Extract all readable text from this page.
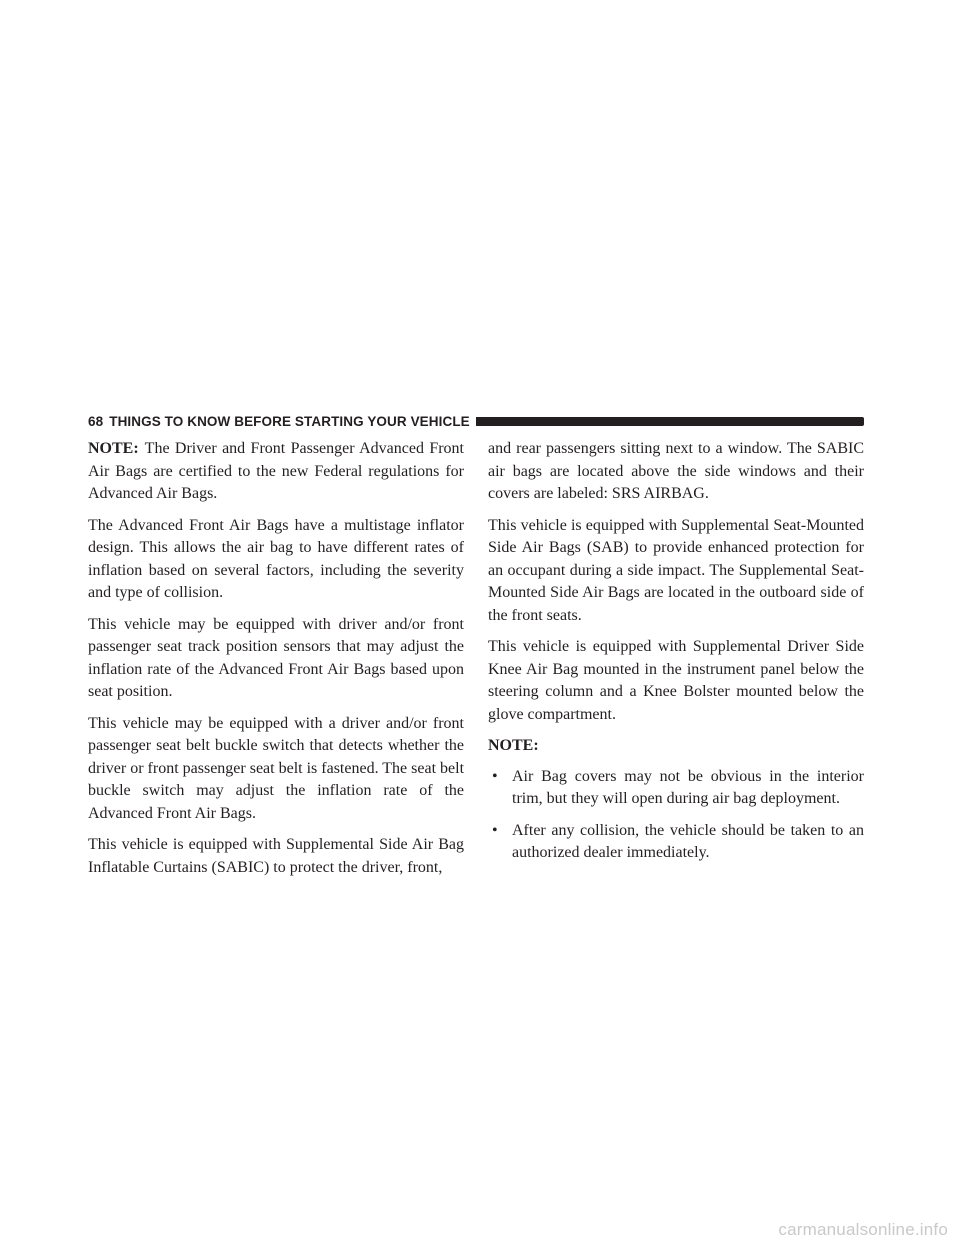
68 THINGS TO KNOW BEFORE STARTING YOUR VEHICLE

NOTE: The Driver and Front Passenger Advanced Front Air Bags are certified to the new Federal regulations for Advanced Air Bags.

The Advanced Front Air Bags have a multistage inflator design. This allows the air bag to have different rates of inflation based on several factors, including the severity and type of collision.

This vehicle may be equipped with driver and/or front passenger seat track position sensors that may adjust the inflation rate of the Advanced Front Air Bags based upon seat position.

This vehicle may be equipped with a driver and/or front passenger seat belt buckle switch that detects whether the driver or front passenger seat belt is fastened. The seat belt buckle switch may adjust the inflation rate of the Advanced Front Air Bags.

This vehicle is equipped with Supplemental Side Air Bag Inflatable Curtains (SABIC) to protect the driver, front,

and rear passengers sitting next to a window. The SABIC air bags are located above the side windows and their covers are labeled: SRS AIRBAG.

This vehicle is equipped with Supplemental Seat-Mounted Side Air Bags (SAB) to provide enhanced protection for an occupant during a side impact. The Supplemental Seat-Mounted Side Air Bags are located in the outboard side of the front seats.

This vehicle is equipped with Supplemental Driver Side Knee Air Bag mounted in the instrument panel below the steering column and a Knee Bolster mounted below the glove compartment.

NOTE:
• Air Bag covers may not be obvious in the interior trim, but they will open during air bag deployment.
• After any collision, the vehicle should be taken to an authorized dealer immediately.
carmanualsonline.info
